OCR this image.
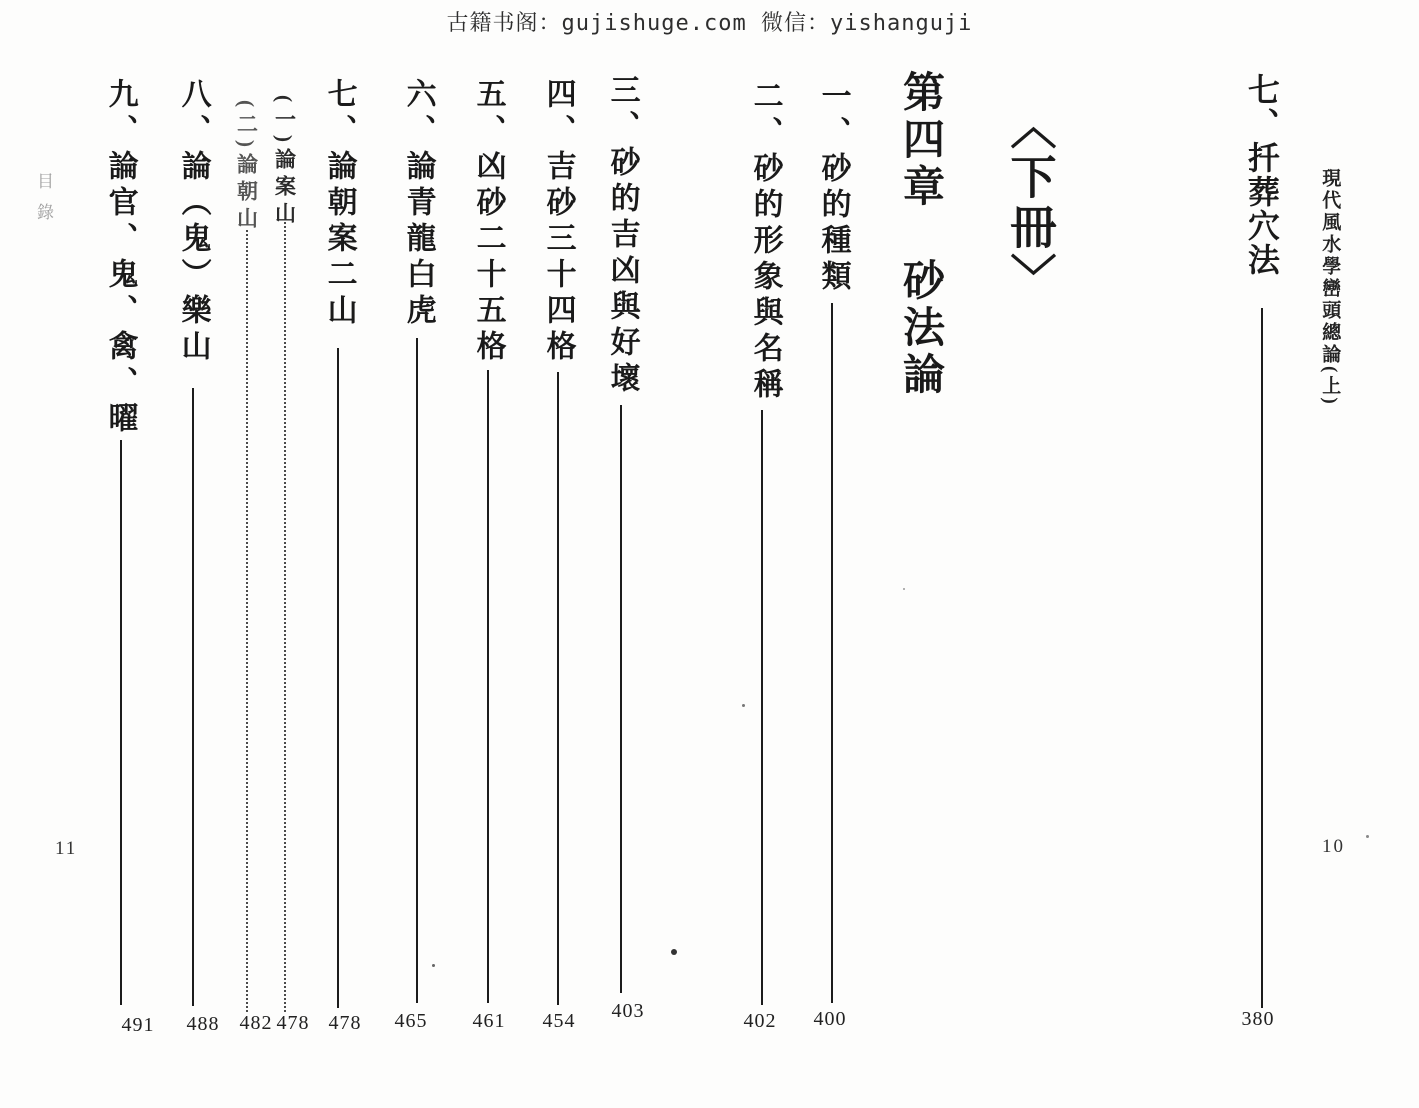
古籍书阁：gujishuge.com 微信：yishanguji
七、扦葬穴法
380
現代風水學巒頭總論(上)
10
目錄	〈下冊〉
第四章　砂法論
一、砂的種類
400
二、砂的形象與名稱
402
三、砂的吉凶與好壞
403
四、吉砂三十四格
454
五、凶砂二十五格
461
六、論青龍白虎
465
七、論朝案二山
478
(一)論案山
478
(二)論朝山
482
八、論（鬼）樂山
488
九、論官、鬼、禽、曜
491
11
